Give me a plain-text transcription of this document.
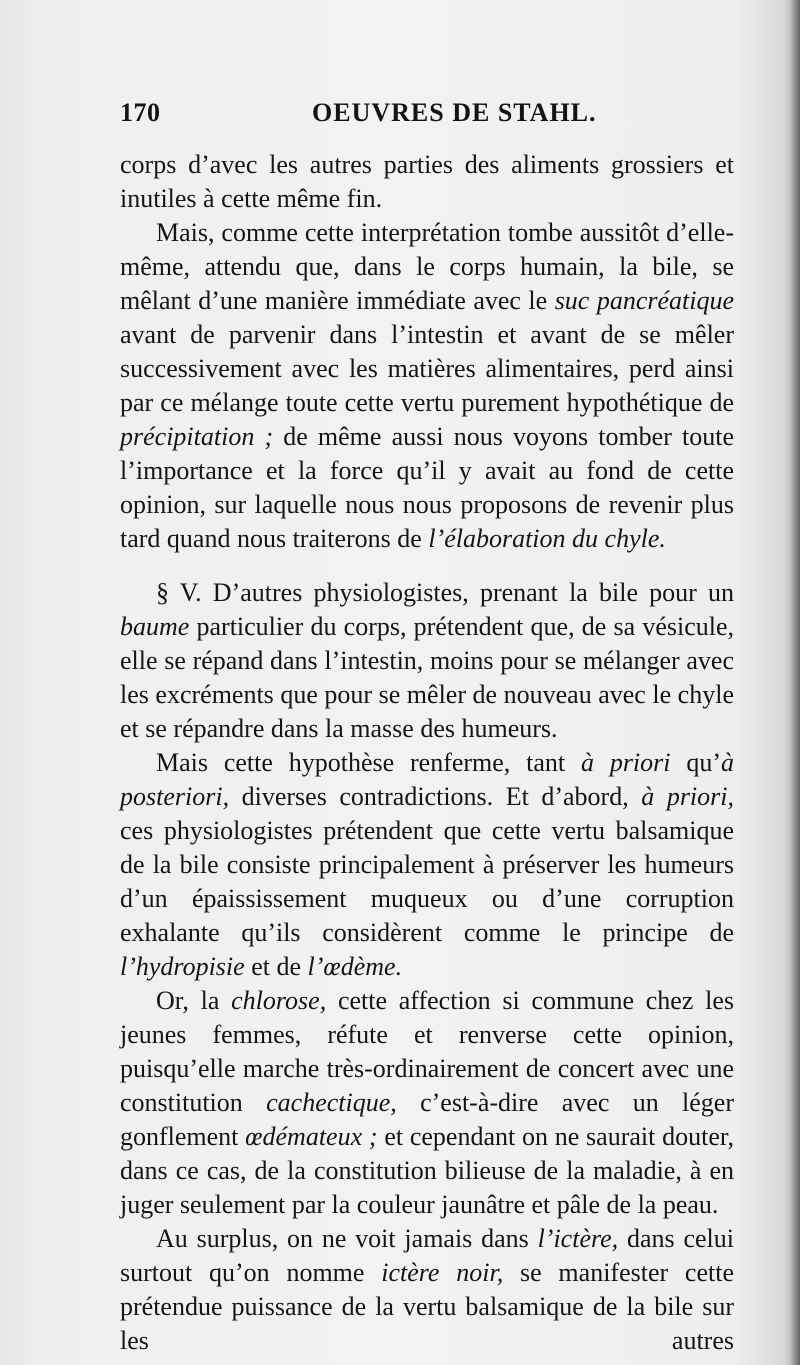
170	OEUVRES DE STAHL.

corps d’avec les autres parties des aliments grossiers et inutiles à cette même fin.

Mais, comme cette interprétation tombe aussitôt d’elle-même, attendu que, dans le corps humain, la bile, se mêlant d’une manière immédiate avec le suc pancréatique avant de parvenir dans l’intestin et avant de se mêler successivement avec les matières alimentaires, perd ainsi par ce mélange toute cette vertu purement hypothétique de précipitation ; de même aussi nous voyons tomber toute l’importance et la force qu’il y avait au fond de cette opinion, sur laquelle nous nous proposons de revenir plus tard quand nous traiterons de l’élaboration du chyle.

§ V. D’autres physiologistes, prenant la bile pour un baume particulier du corps, prétendent que, de sa vésicule, elle se répand dans l’intestin, moins pour se mélanger avec les excréments que pour se mêler de nouveau avec le chyle et se répandre dans la masse des humeurs.

Mais cette hypothèse renferme, tant à priori qu’à posteriori, diverses contradictions. Et d’abord, à priori, ces physiologistes prétendent que cette vertu balsamique de la bile consiste principalement à préserver les humeurs d’un épaississement muqueux ou d’une corruption exhalante qu’ils considèrent comme le principe de l’hydropisie et de l’œdème.

Or, la chlorose, cette affection si commune chez les jeunes femmes, réfute et renverse cette opinion, puisqu’elle marche très-ordinairement de concert avec une constitution cachectique, c’est-à-dire avec un léger gonflement œdémateux ; et cependant on ne saurait douter, dans ce cas, de la constitution bilieuse de la maladie, à en juger seulement par la couleur jaunâtre et pâle de la peau.

Au surplus, on ne voit jamais dans l’ictère, dans celui surtout qu’on nomme ictère noir, se manifester cette prétendue puissance de la vertu balsamique de la bile sur les autres
